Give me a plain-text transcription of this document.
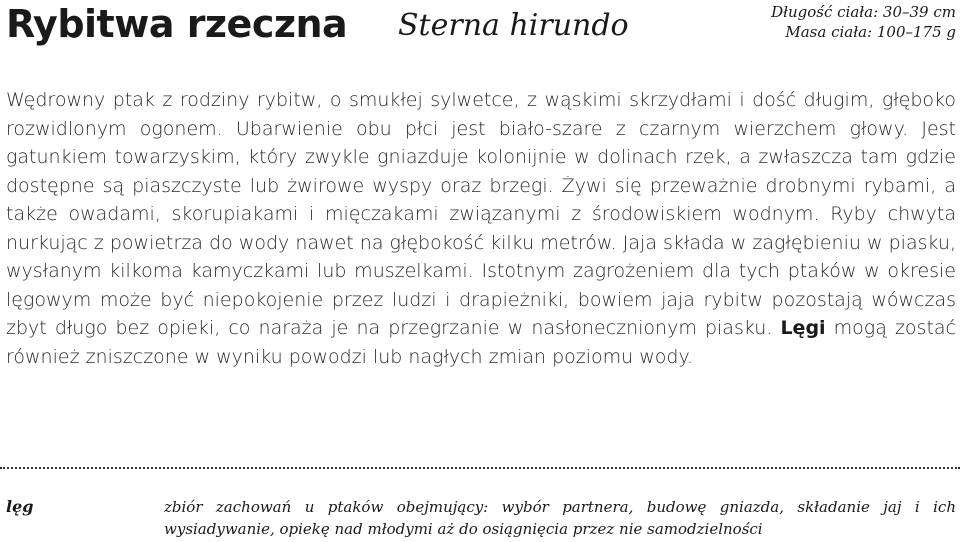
Rybitwa rzeczna Sterna hirundo	Długość ciała: 30–39 cm
Masa ciała: 100–175 g

Wędrowny ptak z rodziny rybitw, o smukłej sylwetce, z wąskimi skrzydłami i dość długim, głęboko rozwidlonym ogonem. Ubarwienie obu płci jest biało-szare z czarnym wierzchem głowy. Jest gatunkiem towarzyskim, który zwykle gniazduje kolonijnie w dolinach rzek, a zwłaszcza tam gdzie dostępne są piaszczyste lub żwirowe wyspy oraz brzegi. Żywi się przeważnie drobnymi rybami, a także owadami, skorupiakami i mięczakami związanymi z środowiskiem wodnym. Ryby chwyta nurkując z powietrza do wody nawet na głębokość kilku metrów. Jaja składa w zagłębieniu w piasku, wysłanym kilkoma kamyczkami lub muszelkami. Istotnym zagrożeniem dla tych ptaków w okresie lęgowym może być niepokojenie przez ludzi i drapieżniki, bowiem jaja rybitw pozostają wówczas zbyt długo bez opieki, co naraża je na przegrzanie w nasłonecznionym piasku. Lęgi mogą zostać również zniszczone w wyniku powodzi lub nagłych zmian poziomu wody.

lęg	zbiór zachowań u ptaków obejmujący: wybór partnera, budowę gniazda, składanie jaj i ich wysiadywanie, opiekę nad młodymi aż do osiągnięcia przez nie samodzielności
